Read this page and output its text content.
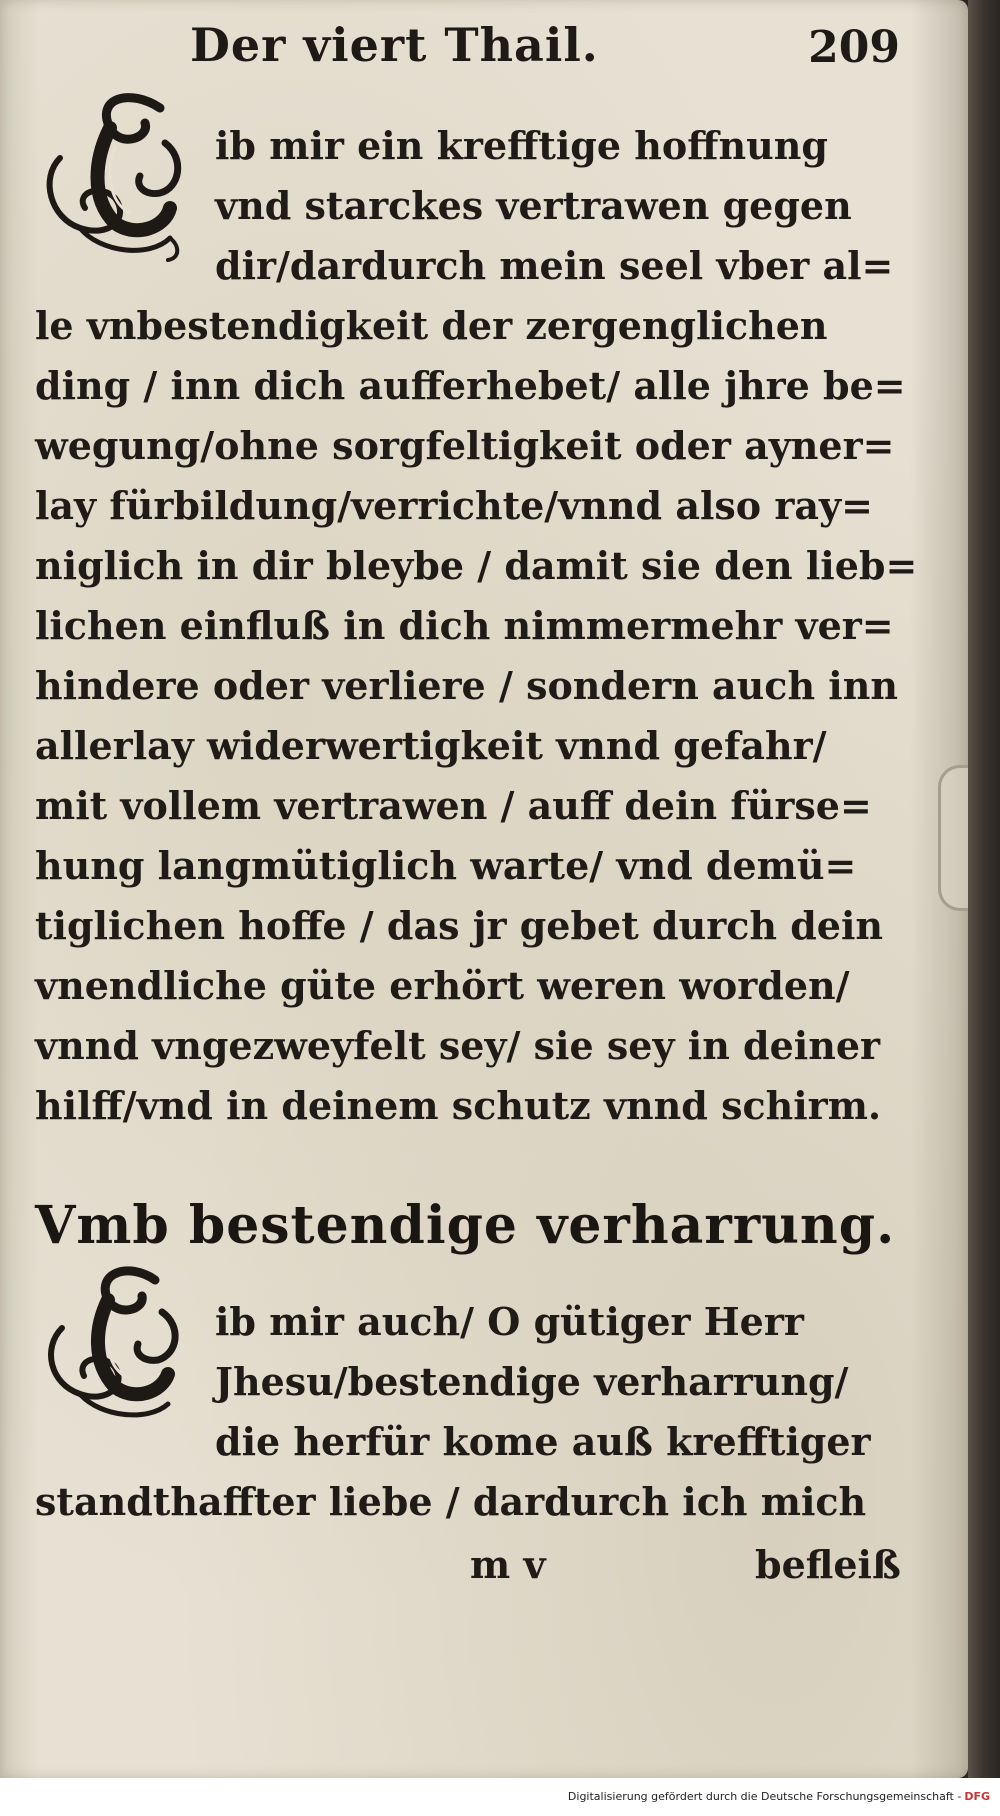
Der viert Thail.	209
ib mir ein krefftige hoffnung
vnd starckes vertrawen gegen
dir/dardurch mein seel vber al=
le vnbestendigkeit der zergenglichen
ding / inn dich aufferhebet/ alle jhre be=
wegung/ohne sorgfeltigkeit oder ayner=
lay fürbildung/verrichte/vnnd also ray=
niglich in dir bleybe / damit sie den lieb=
lichen einfluß in dich nimmermehr ver=
hindere oder verliere / sondern auch inn
allerlay widerwertigkeit vnnd gefahr/
mit vollem vertrawen / auff dein fürse=
hung langmütiglich warte/ vnd demü=
tiglichen hoffe / das jr gebet durch dein
vnendliche güte erhört weren worden/
vnnd vngezweyfelt sey/ sie sey in deiner
hilff/vnd in deinem schutz vnnd schirm.
Vmb bestendige verharrung.
ib mir auch/ O gütiger Herr
Jhesu/bestendige verharrung/
die herfür kome auß krefftiger
standthaffter liebe / dardurch ich mich
m v	befleiß
Digitalisierung gefördert durch die Deutsche Forschungsgemeinschaft - DFG
